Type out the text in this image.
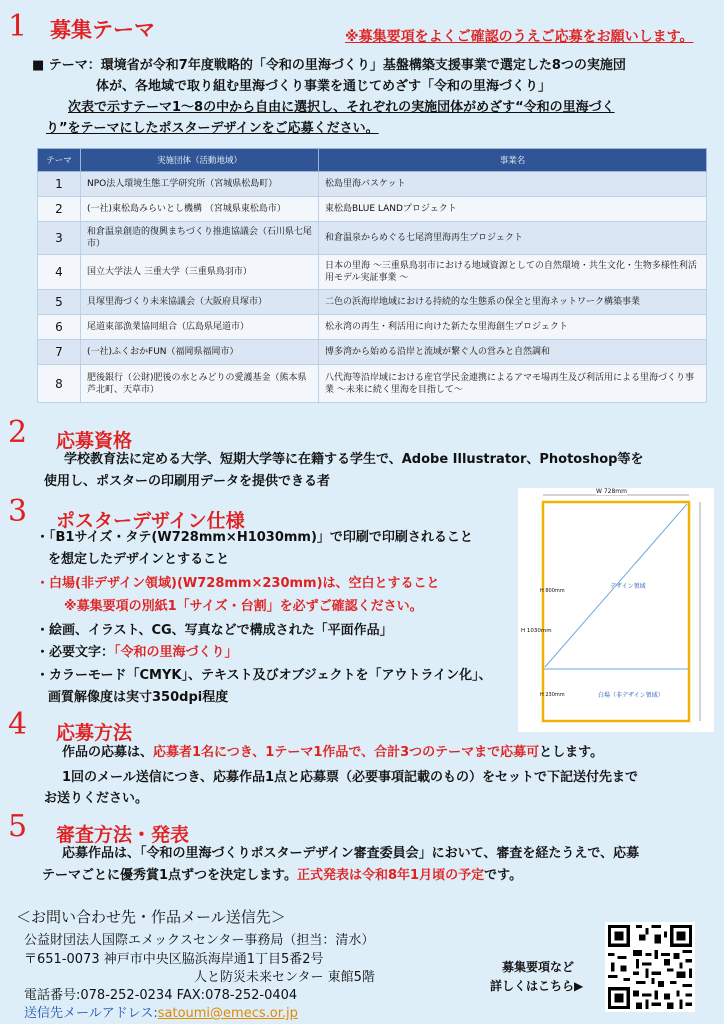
1 募集テーマ	※募集要項をよくご確認のうえご応募をお願いします。
■ テーマ：環境省が令和7年度戦略的「令和の里海づくり」基盤構築支援事業で選定した8つの実施団
体が、各地域で取り組む里海づくり事業を通じてめざす「令和の里海づくり」
次表で示すテーマ1〜8の中から自由に選択し、それぞれの実施団体がめざす“令和の里海づく
り”をテーマにしたポスターデザインをご応募ください。
テーマ	実施団体（活動地域）	事業名
1	NPO法人環境生態工学研究所（宮城県松島町）	松島里海バスケット
2	(一社)東松島みらいとし機構 （宮城県東松島市）	東松島BLUE LANDプロジェクト
3	和倉温泉創造的復興まちづくり推進協議会（石川県七尾市）	和倉温泉からめぐる七尾湾里海再生プロジェクト
4	国立大学法人 三重大学（三重県鳥羽市）	日本の里海 〜三重県鳥羽市における地域資源としての自然環境・共生文化・生物多様性利活用モデル実証事業 〜
5	貝塚里海づくり未来協議会（大阪府貝塚市）	二色の浜海岸地域における持続的な生態系の保全と里海ネットワーク構築事業
6	尾道東部漁業協同組合（広島県尾道市）	松永湾の再生・利活用に向けた新たな里海創生プロジェクト
7	(一社)ふくおかFUN（福岡県福岡市）	博多湾から始める沿岸と流域が繋ぐ人の営みと自然調和
8	肥後銀行（公財)肥後の水とみどりの愛護基金（熊本県芦北町、天草市）	八代海等沿岸域における産官学民金連携によるアマモ場再生及び利活用による里海づくり事業 〜未来に続く里海を目指して〜
2 応募資格
学校教育法に定める大学、短期大学等に在籍する学生で、Adobe Illustrator、Photoshop等を
使用し、ポスターの印刷用データを提供できる者
3 ポスターデザイン仕様
・「B1サイズ・タテ(W728mm×H1030mm)」で印刷で印刷されること
を想定したデザインとすること
・白場(非デザイン領域)(W728mm×230mm)は、空白とすること
※募集要項の別紙1「サイズ・台割」を必ずご確認ください。
・絵画、イラスト、CG、写真などで構成された「平面作品」
・必要文字：「令和の里海づくり」
・カラーモード「CMYK」、テキスト及びオブジェクトを「アウトライン化」、
画質解像度は実寸350dpi程度
W 728mm
H 800mm
H 1030mm
H 230mm
デザイン領域
白場（非デザイン領域）
4 応募方法
作品の応募は、応募者1名につき、1テーマ1作品で、合計3つのテーマまで応募可とします。
1回のメール送信につき、応募作品1点と応募票（必要事項記載のもの）をセットで下記送付先まで
お送りください。
5 審査方法・発表
応募作品は、「令和の里海づくりポスターデザイン審査委員会」において、審査を経たうえで、応募
テーマごとに優秀賞1点ずつを決定します。正式発表は令和8年1月頃の予定です。
＜お問い合わせ先・作品メール送信先＞
公益財団法人国際エメックスセンター事務局（担当：清水）
〒651-0073 神戸市中央区脇浜海岸通1丁目5番2号
人と防災未来センター 東館5階
電話番号:078-252-0234 FAX:078-252-0404
送信先メールアドレス:satoumi@emecs.or.jp
募集要項など
詳しくはこちら▶
